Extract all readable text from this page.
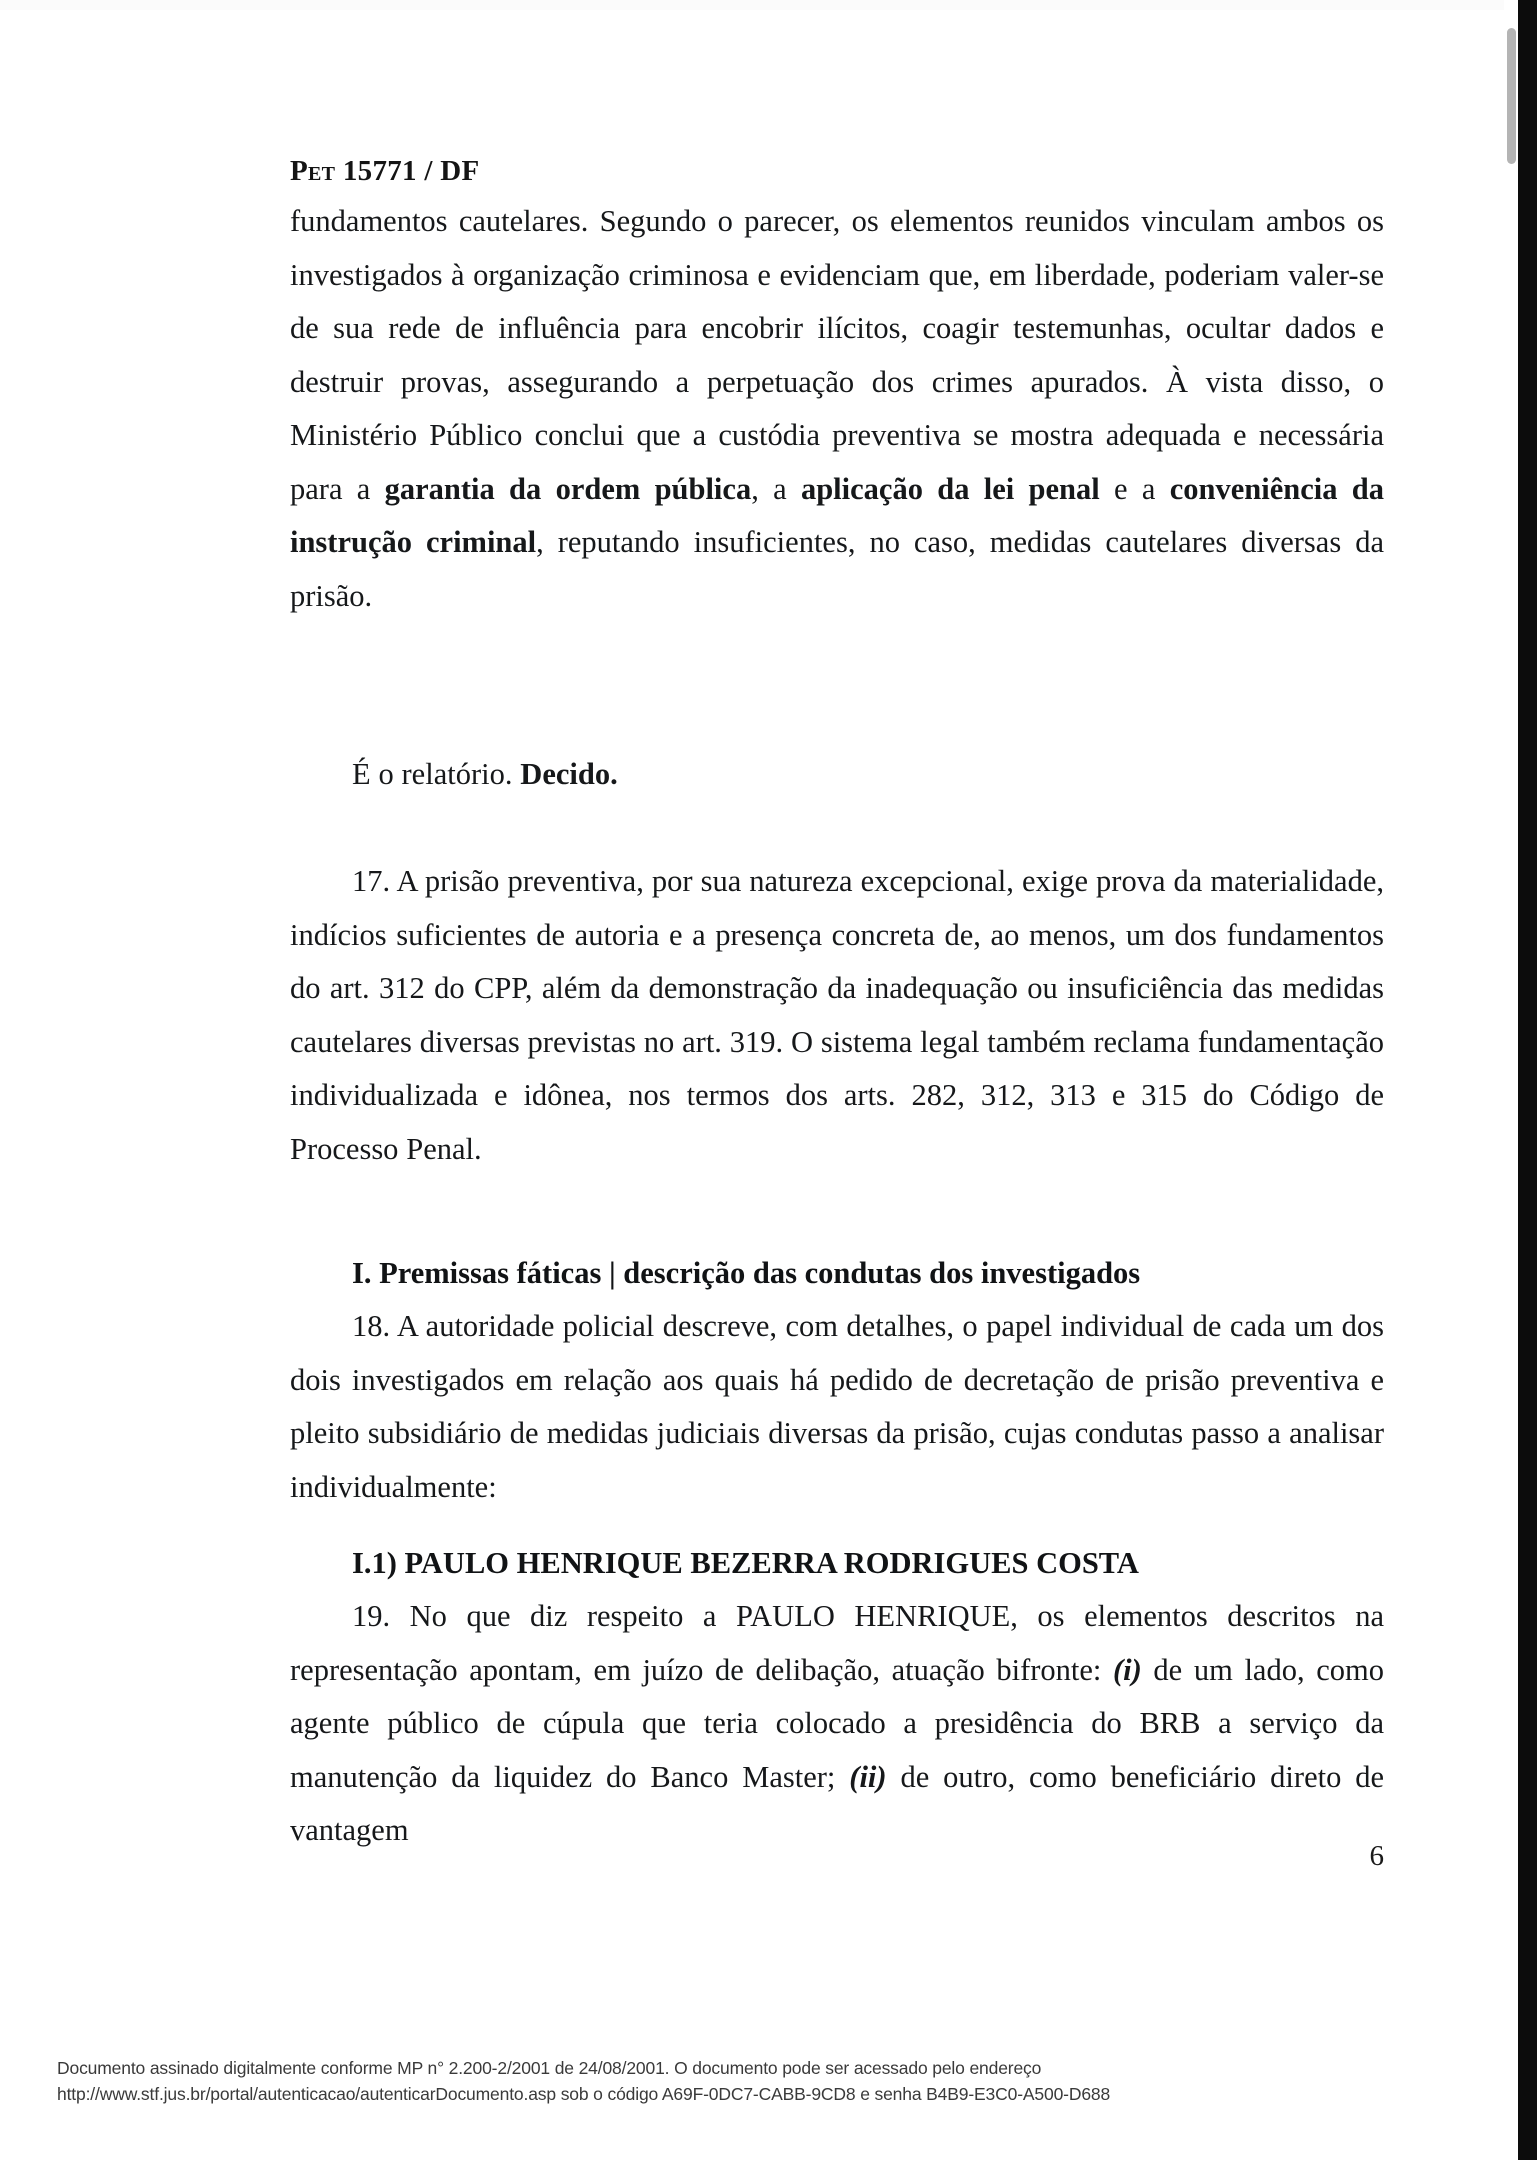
Pet 15771 / DF
fundamentos cautelares. Segundo o parecer, os elementos reunidos vinculam ambos os investigados à organização criminosa e evidenciam que, em liberdade, poderiam valer-se de sua rede de influência para encobrir ilícitos, coagir testemunhas, ocultar dados e destruir provas, assegurando a perpetuação dos crimes apurados. À vista disso, o Ministério Público conclui que a custódia preventiva se mostra adequada e necessária para a garantia da ordem pública, a aplicação da lei penal e a conveniência da instrução criminal, reputando insuficientes, no caso, medidas cautelares diversas da prisão.
É o relatório. Decido.
17. A prisão preventiva, por sua natureza excepcional, exige prova da materialidade, indícios suficientes de autoria e a presença concreta de, ao menos, um dos fundamentos do art. 312 do CPP, além da demonstração da inadequação ou insuficiência das medidas cautelares diversas previstas no art. 319. O sistema legal também reclama fundamentação individualizada e idônea, nos termos dos arts. 282, 312, 313 e 315 do Código de Processo Penal.
I. Premissas fáticas | descrição das condutas dos investigados
18. A autoridade policial descreve, com detalhes, o papel individual de cada um dos dois investigados em relação aos quais há pedido de decretação de prisão preventiva e pleito subsidiário de medidas judiciais diversas da prisão, cujas condutas passo a analisar individualmente:
I.1) PAULO HENRIQUE BEZERRA RODRIGUES COSTA
19. No que diz respeito a PAULO HENRIQUE, os elementos descritos na representação apontam, em juízo de delibação, atuação bifronte: (i) de um lado, como agente público de cúpula que teria colocado a presidência do BRB a serviço da manutenção da liquidez do Banco Master; (ii) de outro, como beneficiário direto de vantagem
6
Documento assinado digitalmente conforme MP n° 2.200-2/2001 de 24/08/2001. O documento pode ser acessado pelo endereço
http://www.stf.jus.br/portal/autenticacao/autenticarDocumento.asp sob o código A69F-0DC7-CABB-9CD8 e senha B4B9-E3C0-A500-D688
